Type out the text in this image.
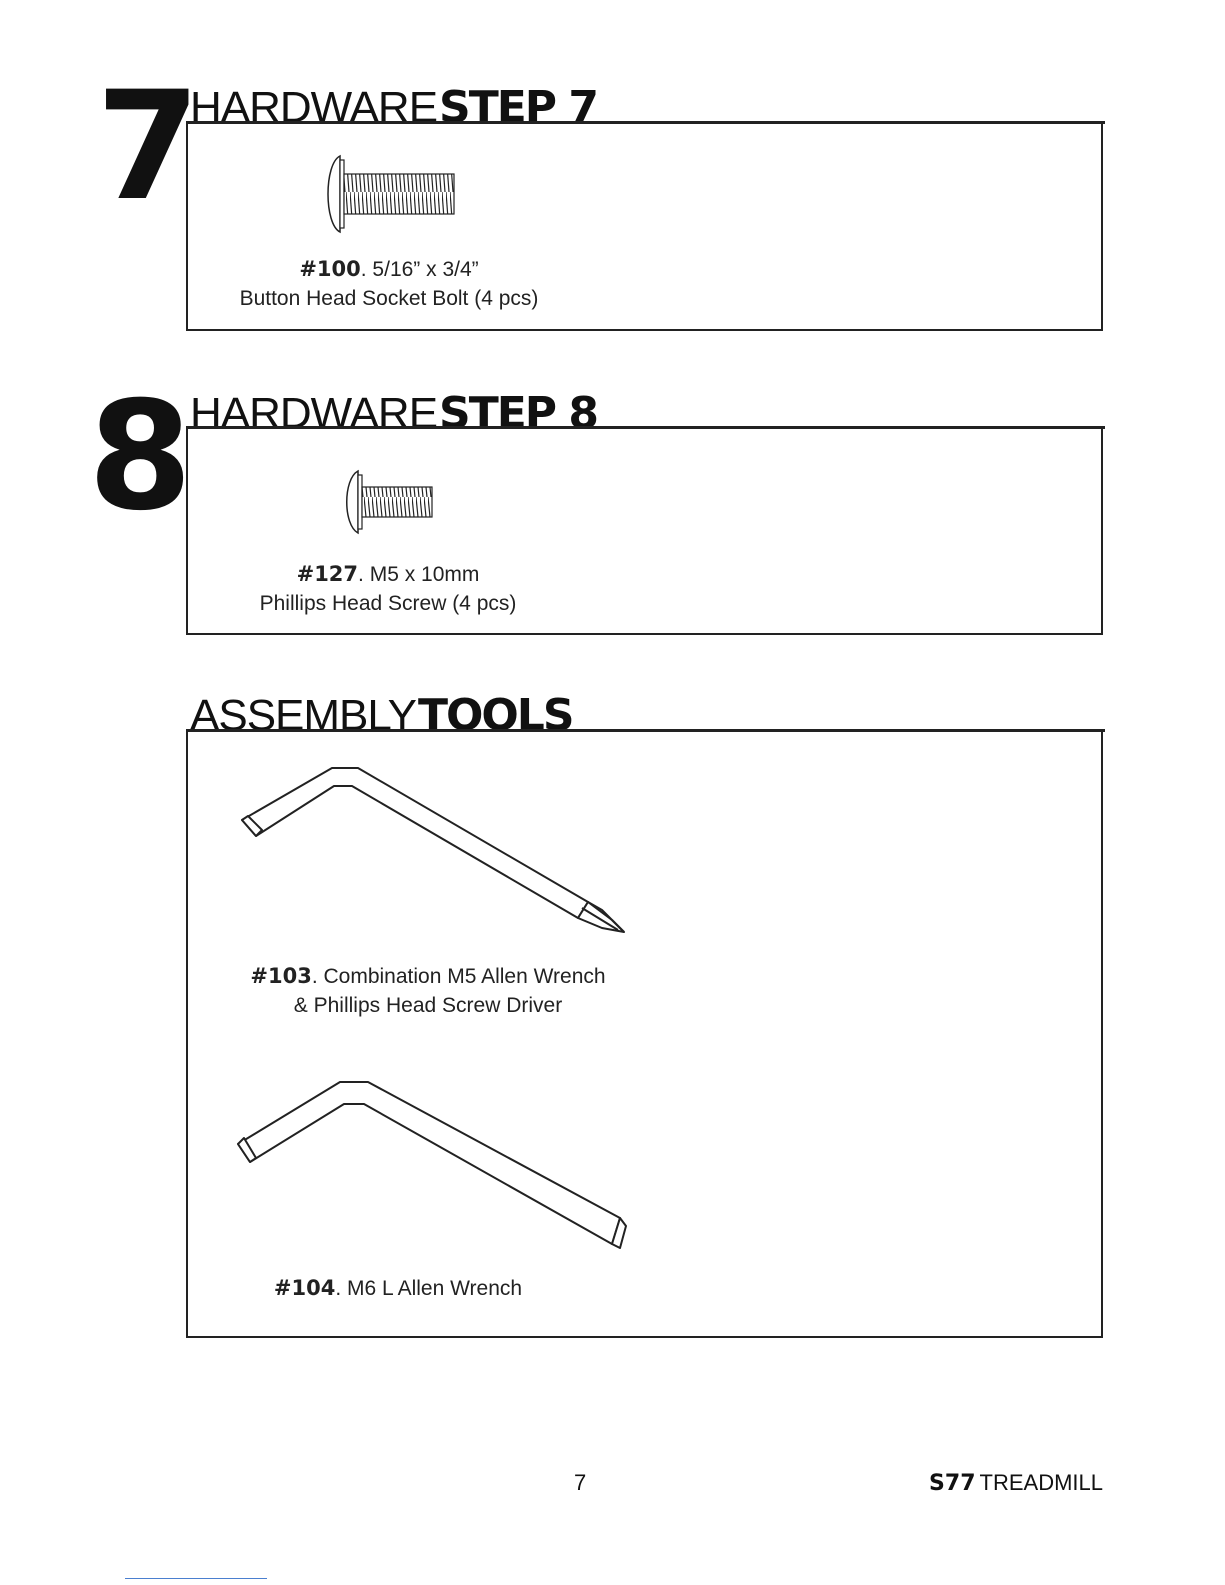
7
HARDWARESTEP 7
#100. 5/16” x 3/4”
Button Head Socket Bolt (4 pcs)
8
HARDWARESTEP 8
#127. M5 x 10mm
Phillips Head Screw (4 pcs)
ASSEMBLYTOOLS
#103. Combination M5 Allen Wrench
& Phillips Head Screw Driver
#104. M6 L Allen Wrench
7	S77 TREADMILL
